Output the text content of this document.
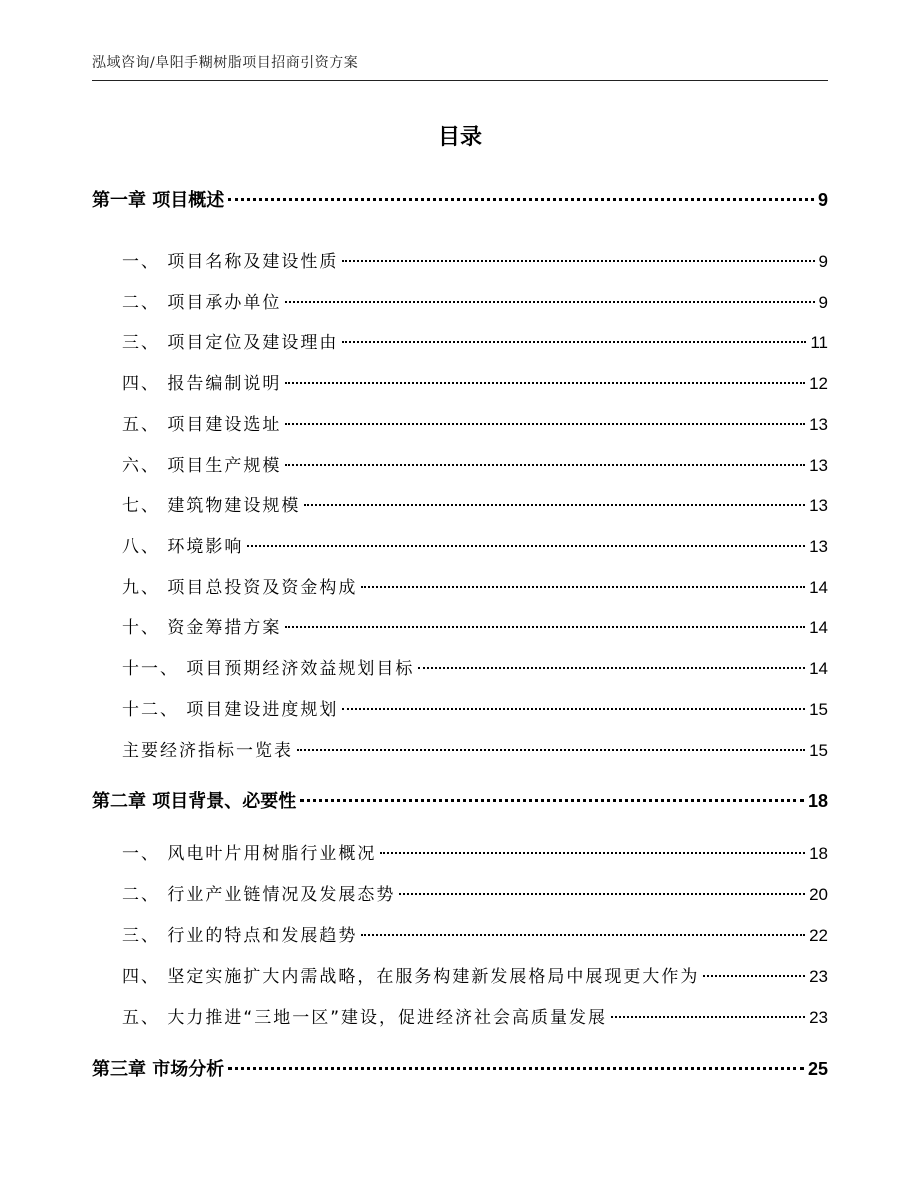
泓域咨询/阜阳手糊树脂项目招商引资方案
目录
第一章 项目概述	9
一、 项目名称及建设性质	9
二、 项目承办单位	9
三、 项目定位及建设理由	11
四、 报告编制说明	12
五、 项目建设选址	13
六、 项目生产规模	13
七、 建筑物建设规模	13
八、 环境影响	13
九、 项目总投资及资金构成	14
十、 资金筹措方案	14
十一、 项目预期经济效益规划目标	14
十二、 项目建设进度规划	15
主要经济指标一览表	15
第二章 项目背景、必要性	18
一、 风电叶片用树脂行业概况	18
二、 行业产业链情况及发展态势	20
三、 行业的特点和发展趋势	22
四、 坚定实施扩大内需战略，在服务构建新发展格局中展现更大作为	23
五、 大力推进“三地一区”建设，促进经济社会高质量发展	23
第三章 市场分析	25
